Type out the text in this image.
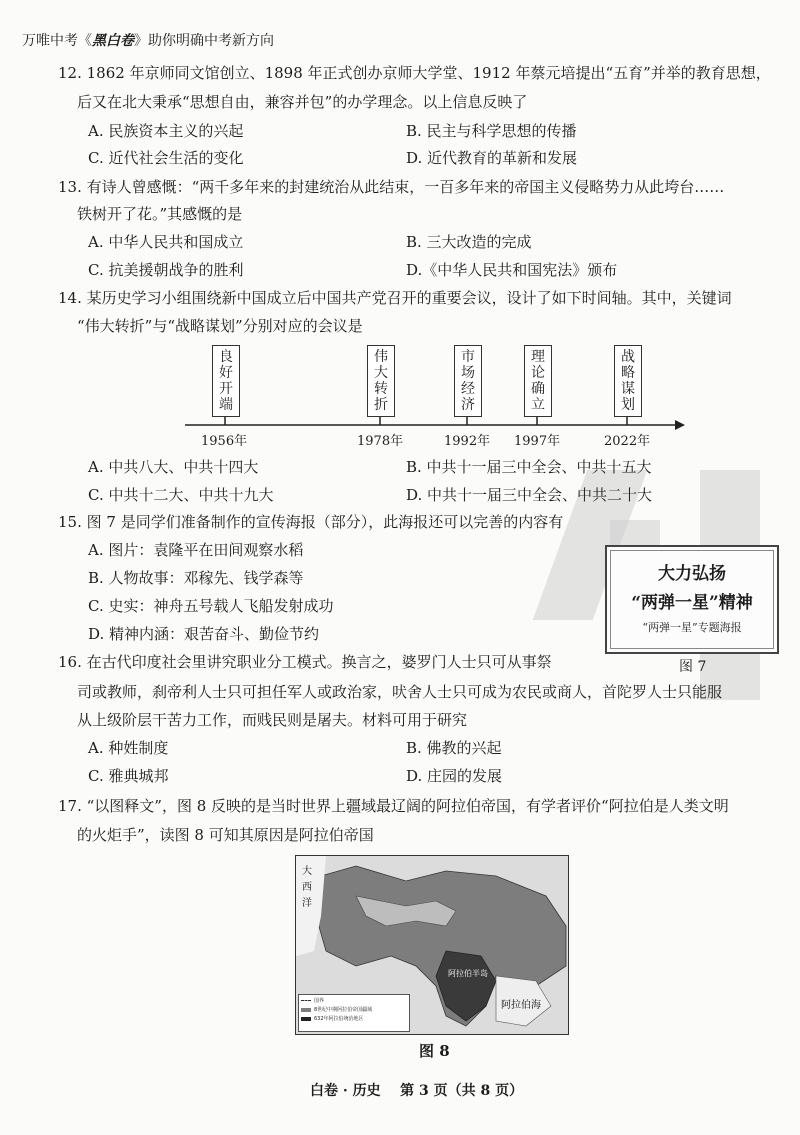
万唯中考《黑白卷》助你明确中考新方向
12. 1862 年京师同文馆创立、1898 年正式创办京师大学堂、1912 年蔡元培提出“五育”并举的教育思想，
后又在北大秉承“思想自由，兼容并包”的办学理念。以上信息反映了
A. 民族资本主义的兴起	B. 民主与科学思想的传播
C. 近代社会生活的变化	D. 近代教育的革新和发展
13. 有诗人曾感慨：“两千多年来的封建统治从此结束，一百多年来的帝国主义侵略势力从此垮台……
铁树开了花。”其感慨的是
A. 中华人民共和国成立	B. 三大改造的完成
C. 抗美援朝战争的胜利	D.《中华人民共和国宪法》颁布
14. 某历史学习小组围绕新中国成立后中国共产党召开的重要会议，设计了如下时间轴。其中，关键词
“伟大转折”与“战略谋划”分别对应的会议是
良好开端
伟大转折
市场经济
理论确立
战略谋划
1956年	1978年	1992年 1997年	2022年
A. 中共八大、中共十四大	B. 中共十一届三中全会、中共十五大
C. 中共十二大、中共十九大	D. 中共十一届三中全会、中共二十大
15. 图 7 是同学们准备制作的宣传海报（部分），此海报还可以完善的内容有
A. 图片：袁隆平在田间观察水稻
B. 人物故事：邓稼先、钱学森等
C. 史实：神舟五号载人飞船发射成功
D. 精神内涵：艰苦奋斗、勤俭节约
大力弘扬
“两弹一星”精神
“两弹一星”专题海报
图 7
16. 在古代印度社会里讲究职业分工模式。换言之，婆罗门人士只可从事祭
司或教师，刹帝利人士只可担任军人或政治家，吠舍人士只可成为农民或商人，首陀罗人士只能服
从上级阶层干苦力工作，而贱民则是屠夫。材料可用于研究
A. 种姓制度	B. 佛教的兴起
C. 雅典城邦	D. 庄园的发展
17. “以图释文”，图 8 反映的是当时世界上疆域最辽阔的阿拉伯帝国，有学者评价“阿拉伯是人类文明
的火炬手”，读图 8 可知其原因是阿拉伯帝国
大
西
洋
阿拉伯半岛
阿拉伯海
国界
8世纪中期阿拉伯帝国疆域
632年阿拉伯统治地区
图 8
白卷 · 历史    第 3 页（共 8 页）
